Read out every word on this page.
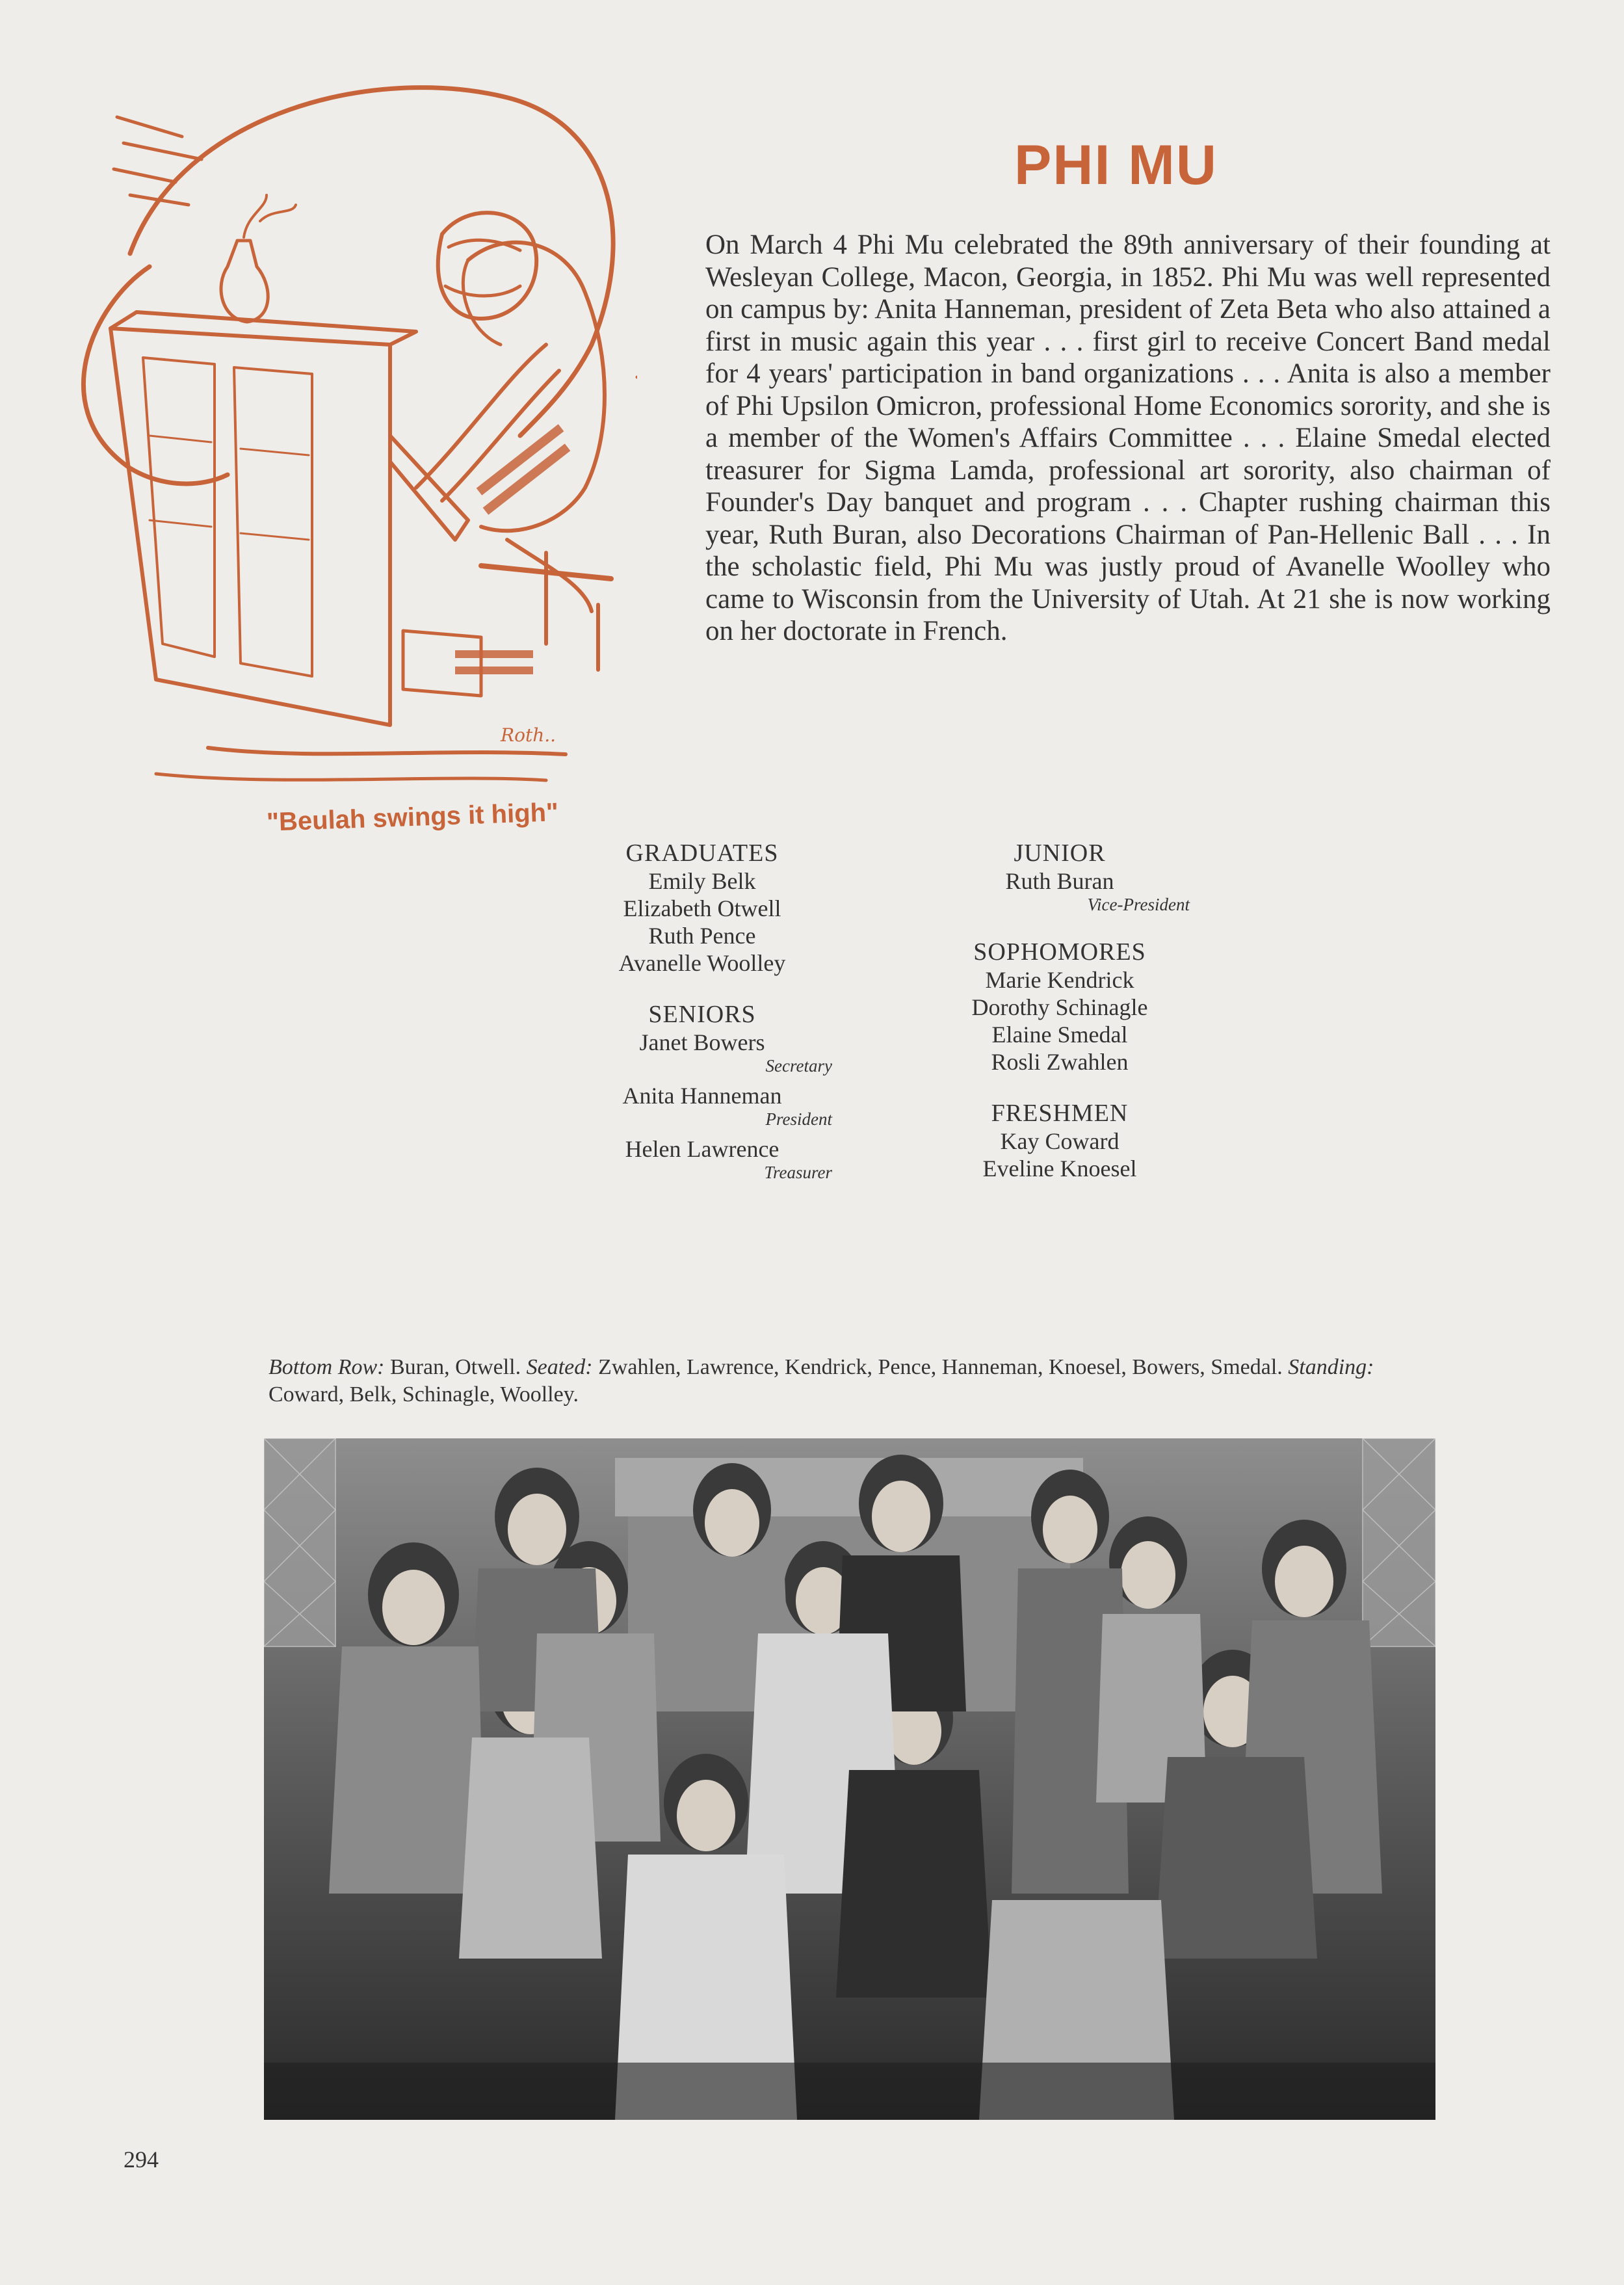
Roth..
"Beulah swings it high"
PHI MU
On March 4 Phi Mu celebrated the 89th anniversary of their founding at Wesleyan College, Macon, Georgia, in 1852. Phi Mu was well represented on campus by: Anita Hanneman, president of Zeta Beta who also attained a first in music again this year . . . first girl to receive Concert Band medal for 4 years' participation in band organizations . . . Anita is also a member of Phi Upsilon Omicron, professional Home Economics sorority, and she is a member of the Women's Affairs Committee . . . Elaine Smedal elected treasurer for Sigma Lamda, professional art sorority, also chairman of Founder's Day banquet and program . . . Chapter rushing chairman this year, Ruth Buran, also Decorations Chairman of Pan-Hellenic Ball . . . In the scholastic field, Phi Mu was justly proud of Avanelle Woolley who came to Wisconsin from the University of Utah. At 21 she is now working on her doctorate in French.
GRADUATES
Emily Belk
Elizabeth Otwell
Ruth Pence
Avanelle Woolley
SENIORS
Janet Bowers
Secretary
Anita Hanneman
President
Helen Lawrence
Treasurer
JUNIOR
Ruth Buran
Vice-President
SOPHOMORES
Marie Kendrick
Dorothy Schinagle
Elaine Smedal
Rosli Zwahlen
FRESHMEN
Kay Coward
Eveline Knoesel
Bottom Row: Buran, Otwell. Seated: Zwahlen, Lawrence, Kendrick, Pence, Hanneman, Knoesel, Bowers, Smedal. Standing: Coward, Belk, Schinagle, Woolley.
294
